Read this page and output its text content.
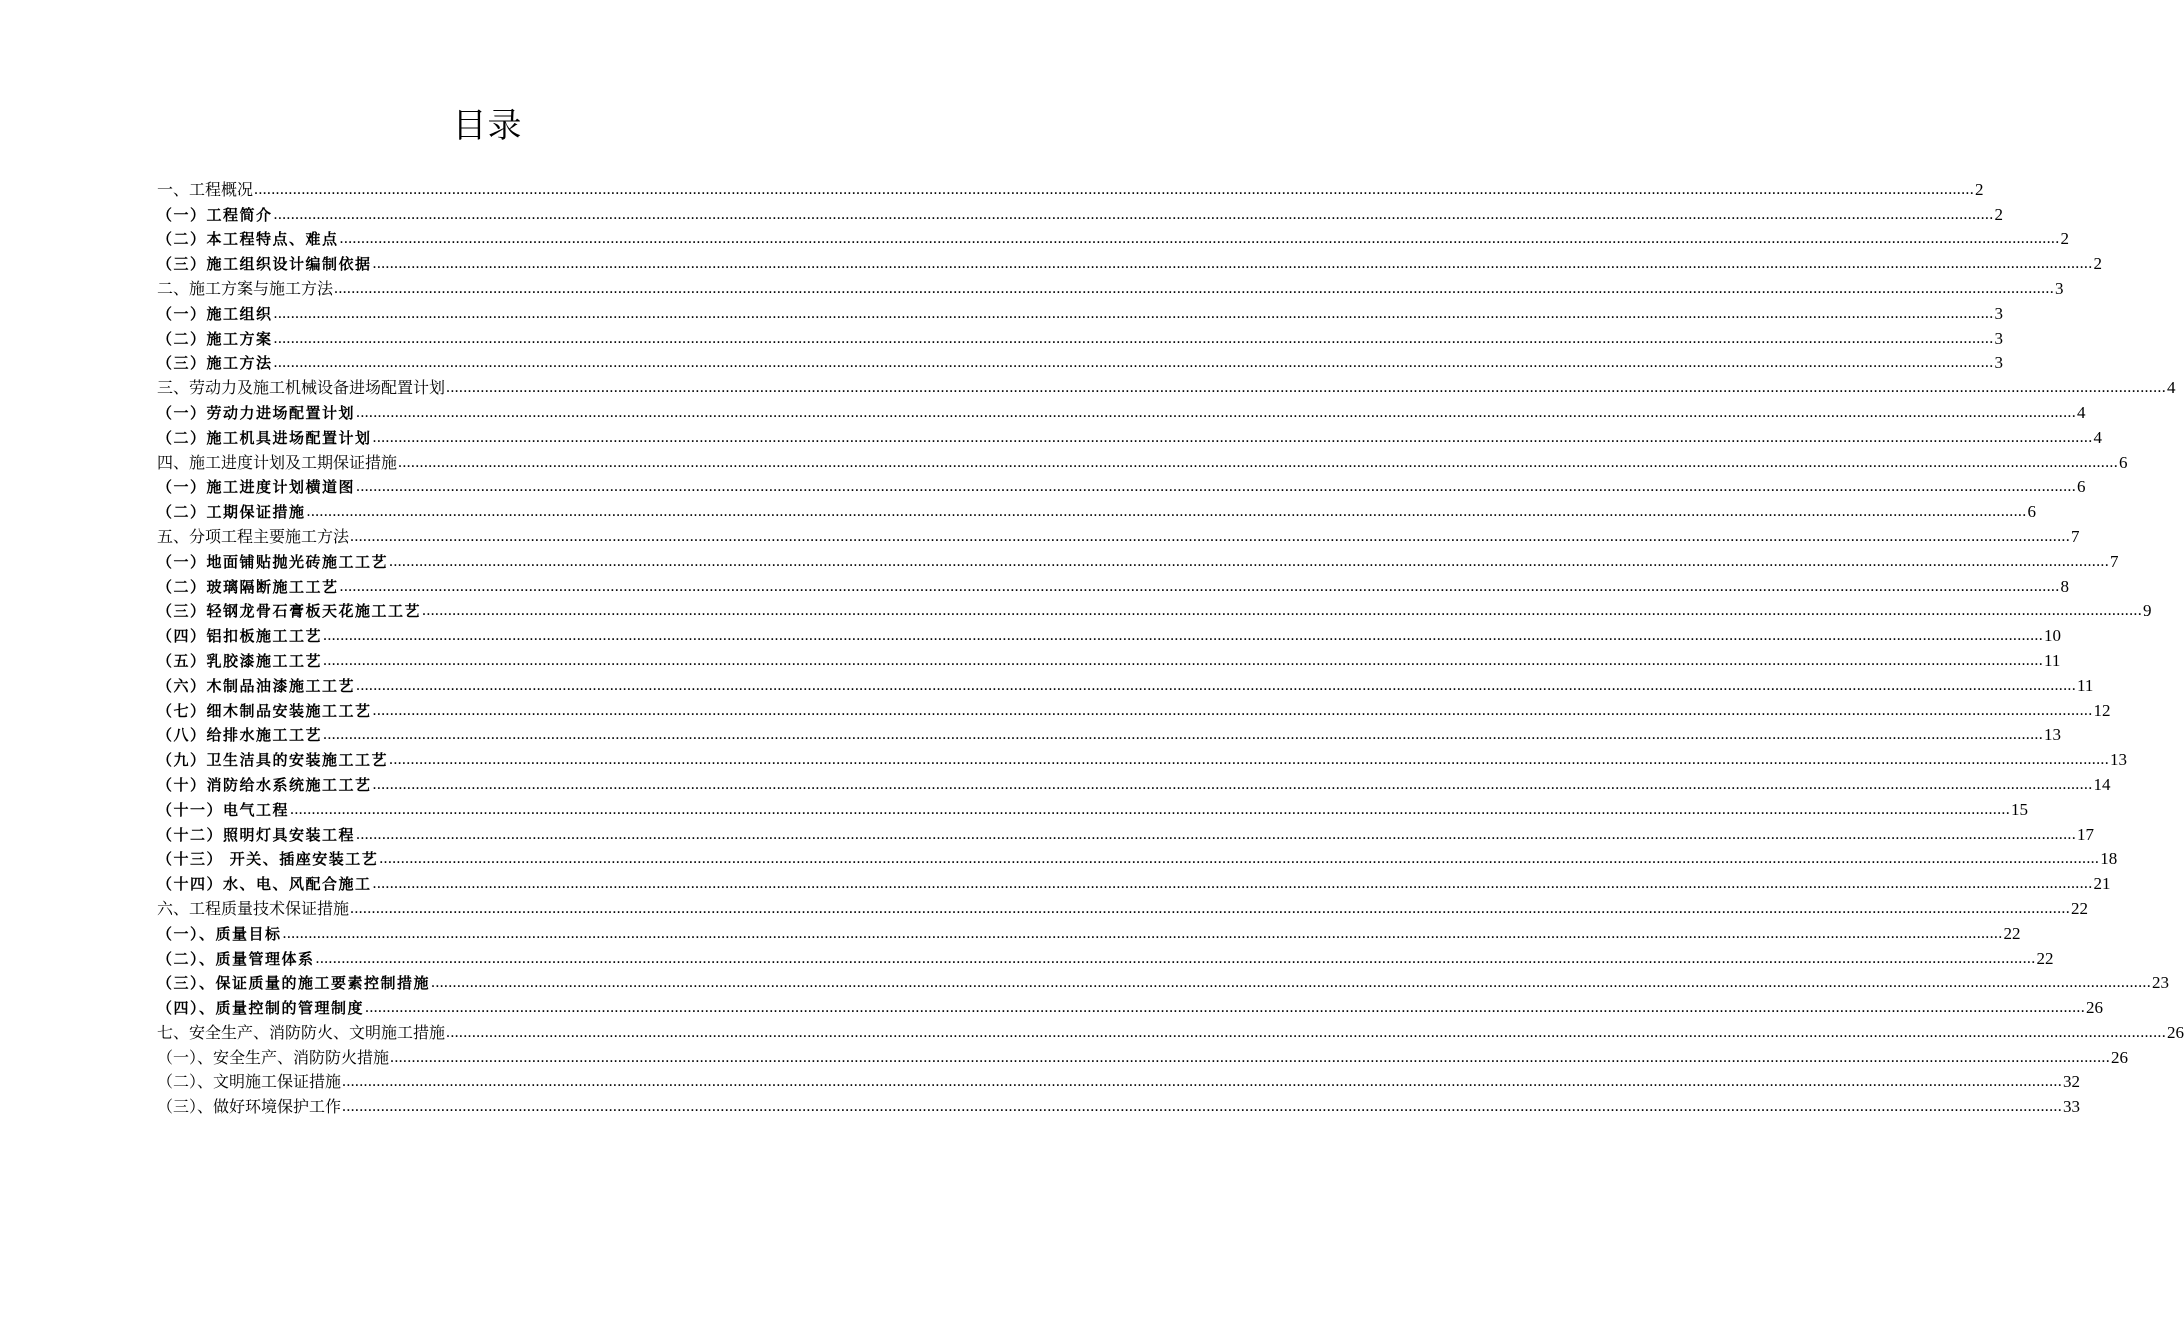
目录
一、工程概况 ................................................................................................................................................................................................................................................................................................................................................................................................................ 2
（一）工程简介 ................................................................................................................................................................................................................................................................................................................................................................................................................ 2
（二）本工程特点、难点 ................................................................................................................................................................................................................................................................................................................................................................................................................ 2
（三）施工组织设计编制依据 ................................................................................................................................................................................................................................................................................................................................................................................................................ 2
二、施工方案与施工方法 ................................................................................................................................................................................................................................................................................................................................................................................................................ 3
（一）施工组织 ................................................................................................................................................................................................................................................................................................................................................................................................................ 3
（二）施工方案 ................................................................................................................................................................................................................................................................................................................................................................................................................ 3
（三）施工方法 ................................................................................................................................................................................................................................................................................................................................................................................................................ 3
三、劳动力及施工机械设备进场配置计划 ................................................................................................................................................................................................................................................................................................................................................................................................................ 4
（一）劳动力进场配置计划 ................................................................................................................................................................................................................................................................................................................................................................................................................ 4
（二）施工机具进场配置计划 ................................................................................................................................................................................................................................................................................................................................................................................................................ 4
四、施工进度计划及工期保证措施 ................................................................................................................................................................................................................................................................................................................................................................................................................ 6
（一）施工进度计划横道图 ................................................................................................................................................................................................................................................................................................................................................................................................................ 6
（二）工期保证措施 ................................................................................................................................................................................................................................................................................................................................................................................................................ 6
五、分项工程主要施工方法 ................................................................................................................................................................................................................................................................................................................................................................................................................ 7
（一）地面铺贴抛光砖施工工艺 ................................................................................................................................................................................................................................................................................................................................................................................................................ 7
（二）玻璃隔断施工工艺 ................................................................................................................................................................................................................................................................................................................................................................................................................ 8
（三）轻钢龙骨石膏板天花施工工艺 ................................................................................................................................................................................................................................................................................................................................................................................................................ 9
（四）铝扣板施工工艺 ................................................................................................................................................................................................................................................................................................................................................................................................................ 10
（五）乳胶漆施工工艺 ................................................................................................................................................................................................................................................................................................................................................................................................................ 11
（六）木制品油漆施工工艺 ................................................................................................................................................................................................................................................................................................................................................................................................................ 11
（七）细木制品安装施工工艺 ................................................................................................................................................................................................................................................................................................................................................................................................................ 12
（八）给排水施工工艺 ................................................................................................................................................................................................................................................................................................................................................................................................................ 13
（九）卫生洁具的安装施工工艺 ................................................................................................................................................................................................................................................................................................................................................................................................................ 13
（十）消防给水系统施工工艺 ................................................................................................................................................................................................................................................................................................................................................................................................................ 14
（十一）电气工程 ................................................................................................................................................................................................................................................................................................................................................................................................................ 15
（十二）照明灯具安装工程 ................................................................................................................................................................................................................................................................................................................................................................................................................ 17
（十三） 开关、插座安装工艺 ................................................................................................................................................................................................................................................................................................................................................................................................................ 18
（十四）水、电、风配合施工 ................................................................................................................................................................................................................................................................................................................................................................................................................ 21
六、工程质量技术保证措施 ................................................................................................................................................................................................................................................................................................................................................................................................................ 22
（一）、质量目标 ................................................................................................................................................................................................................................................................................................................................................................................................................ 22
（二）、质量管理体系 ................................................................................................................................................................................................................................................................................................................................................................................................................ 22
（三）、保证质量的施工要素控制措施 ................................................................................................................................................................................................................................................................................................................................................................................................................ 23
（四）、质量控制的管理制度 ................................................................................................................................................................................................................................................................................................................................................................................................................ 26
七、安全生产、消防防火、文明施工措施 ................................................................................................................................................................................................................................................................................................................................................................................................................ 26
（一）、安全生产、消防防火措施 ................................................................................................................................................................................................................................................................................................................................................................................................................ 26
（二）、文明施工保证措施 ................................................................................................................................................................................................................................................................................................................................................................................................................ 32
（三）、做好环境保护工作 ................................................................................................................................................................................................................................................................................................................................................................................................................ 33
